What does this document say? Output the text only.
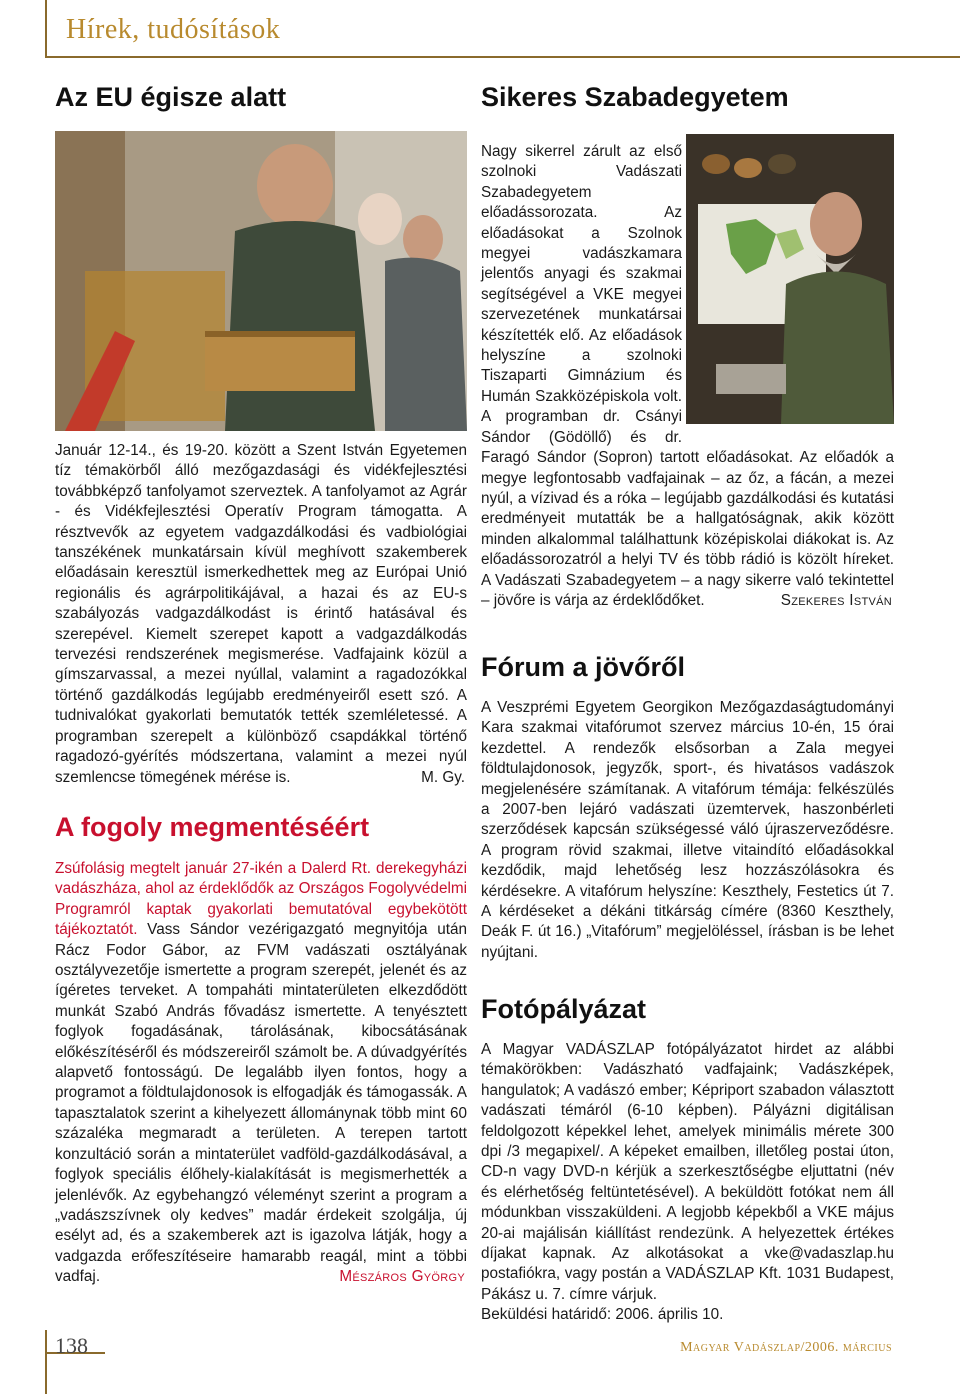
Hírek, tudósítások
Az EU égisze alatt
Január 12-14., és 19-20. között a Szent István Egyetemen tíz témakörből álló mezőgazdasági és vidékfejlesztési továbbképző tanfolyamot szerveztek. A tanfolyamot az Agrár - és Vidékfejlesztési Operatív Program támogatta. A résztvevők az egyetem vadgazdálkodási és vadbiológiai tanszékének munkatársain kívül meghívott szakemberek előadásain keresztül ismerkedhettek meg az Európai Unió regionális és agrárpolitikájával, a hazai és az EU-s szabályozás vadgazdálkodást is érintő hatásával és szerepével. Kiemelt szerepet kapott a vadgazdálkodás tervezési rendszerének megismerése. Vadfajaink közül a gímszarvassal, a mezei nyúllal, valamint a ragadozókkal történő gazdálkodás legújabb eredményeiről esett szó. A tudnivalókat gyakorlati bemutatók tették szemléletessé. A programban szerepelt a különböző csapdákkal történő ragadozó-gyérítés módszertana, valamint a mezei nyúl szemlencse tömegének mérése is.	M. Gy.
A fogoly megmentéséért
Zsúfolásig megtelt január 27-ikén a Dalerd Rt. derekegyházi vadászháza, ahol az érdeklődők az Országos Fogolyvédelmi Programról kaptak gyakorlati bemutatóval egybekötött tájékoztatót. Vass Sándor vezérigazgató megnyitója után Rácz Fodor Gábor, az FVM vadászati osztályának osztályvezetője ismertette a program szerepét, jelenét és az ígéretes terveket. A tompaháti mintaterületen elkezdődött munkát Szabó András fővadász ismertette. A tenyésztett foglyok fogadásának, tárolásának, kibocsátásának előkészítéséről és módszereiről számolt be. A dúvadgyérítés alapvető fontosságú. De legalább ilyen fontos, hogy a programot a földtulajdonosok is elfogadják és támogassák. A tapasztalatok szerint a kihelyezett állománynak több mint 60 százaléka megmaradt a területen. A terepen tartott konzultáció során a mintaterület vadföld-gazdálkodásával, a foglyok speciális élőhely-kialakítását is megismerhették a jelenlévők. Az egybehangzó véleményt szerint a program a „vadászszívnek oly kedves” madár érdekeit szolgálja, új esélyt ad, és a szakemberek azt is igazolva látják, hogy a vadgazda erőfeszítéseire hamarabb reagál, mint a többi vadfaj.	Mészáros György
Sikeres Szabadegyetem
Nagy sikerrel zárult az első szolnoki Vadászati Szabadegyetem előadássorozata. Az előadásokat a Szolnok megyei vadászkamara jelentős anyagi és szakmai segítségével a VKE megyei szervezetének munkatársai készítették elő. Az előadások helyszíne a szolnoki Tiszaparti Gimnázium és Humán Szakközépiskola volt. A programban dr. Csányi Sándor (Gödöllő) és dr. Faragó Sándor (Sopron) tartott előadásokat. Az előadók a megye legfontosabb vadfajainak – az őz, a fácán, a mezei nyúl, a vízivad és a róka – legújabb gazdálkodási és kutatási eredményeit mutatták be a hallgatóságnak, akik között minden alkalommal találhattunk középiskolai diákokat is. Az előadássorozatról a helyi TV és több rádió is közölt híreket. A Vadászati Szabadegyetem – a nagy sikerre való tekintettel – jövőre is várja az érdeklődőket.	Szekeres István
Fórum a jövőről
A Veszprémi Egyetem Georgikon Mezőgazdaságtudományi Kara szakmai vitafórumot szervez március 10-én, 15 órai kezdettel. A rendezők elsősorban a Zala megyei földtulajdonosok, jegyzők, sport-, és hivatásos vadászok megjelenésére számítanak. A vitafórum témája: felkészülés a 2007-ben lejáró vadászati üzemtervek, haszonbérleti szerződések kapcsán szükségessé váló újraszerveződésre. A program rövid szakmai, illetve vitaindító előadásokkal kezdődik, majd lehetőség lesz hozzászólásokra és kérdésekre. A vitafórum helyszíne: Keszthely, Festetics út 7. A kérdéseket a dékáni titkárság címére (8360 Keszthely, Deák F. út 16.) „Vitafórum” megjelöléssel, írásban is be lehet nyújtani.
Fotópályázat

A Magyar VADÁSZLAP fotópályázatot hirdet az alábbi témakörökben: Vadászható vadfajaink; Vadászképek, hangulatok; A vadászó ember; Képriport szabadon választott vadászati témáról (6-10 képben). Pályázni digitálisan feldolgozott képekkel lehet, amelyek minimális mérete 300 dpi /3 megapixel/. A képeket emailben, illetőleg postai úton, CD-n vagy DVD-n kérjük a szerkesztőségbe eljuttatni (név és elérhetőség feltüntetésével). A beküldött fotókat nem áll módunkban visszaküldeni. A legjobb képekből a VKE május 20-ai majálisán kiállítást rendezünk. A helyezettek értékes díjakat kapnak. Az alkotásokat a vke@vadaszlap.hu postafiókra, vagy postán a VADÁSZLAP Kft. 1031 Budapest, Pákász u. 7. címre várjuk.

Beküldési határidő: 2006. április 10.

138	Magyar Vadászlap/2006. március
